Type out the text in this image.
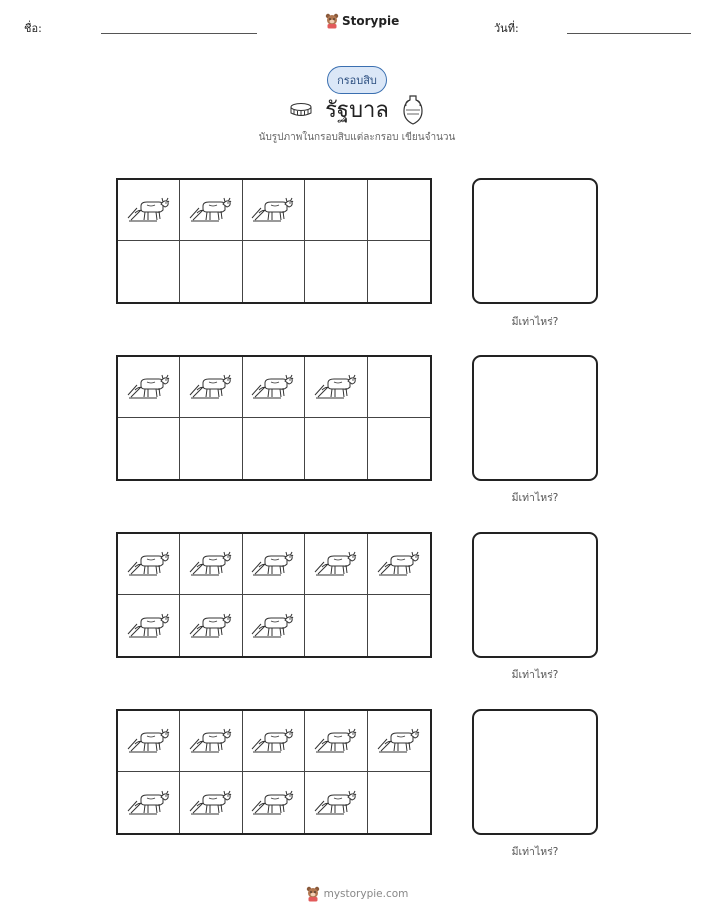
ชื่อ:
Storypie
วันที่:
กรอบสิบ
รัฐบาล
นับรูปภาพในกรอบสิบแต่ละกรอบ เขียนจำนวน
มีเท่าไหร่?
มีเท่าไหร่?
มีเท่าไหร่?
มีเท่าไหร่?
mystorypie.com
